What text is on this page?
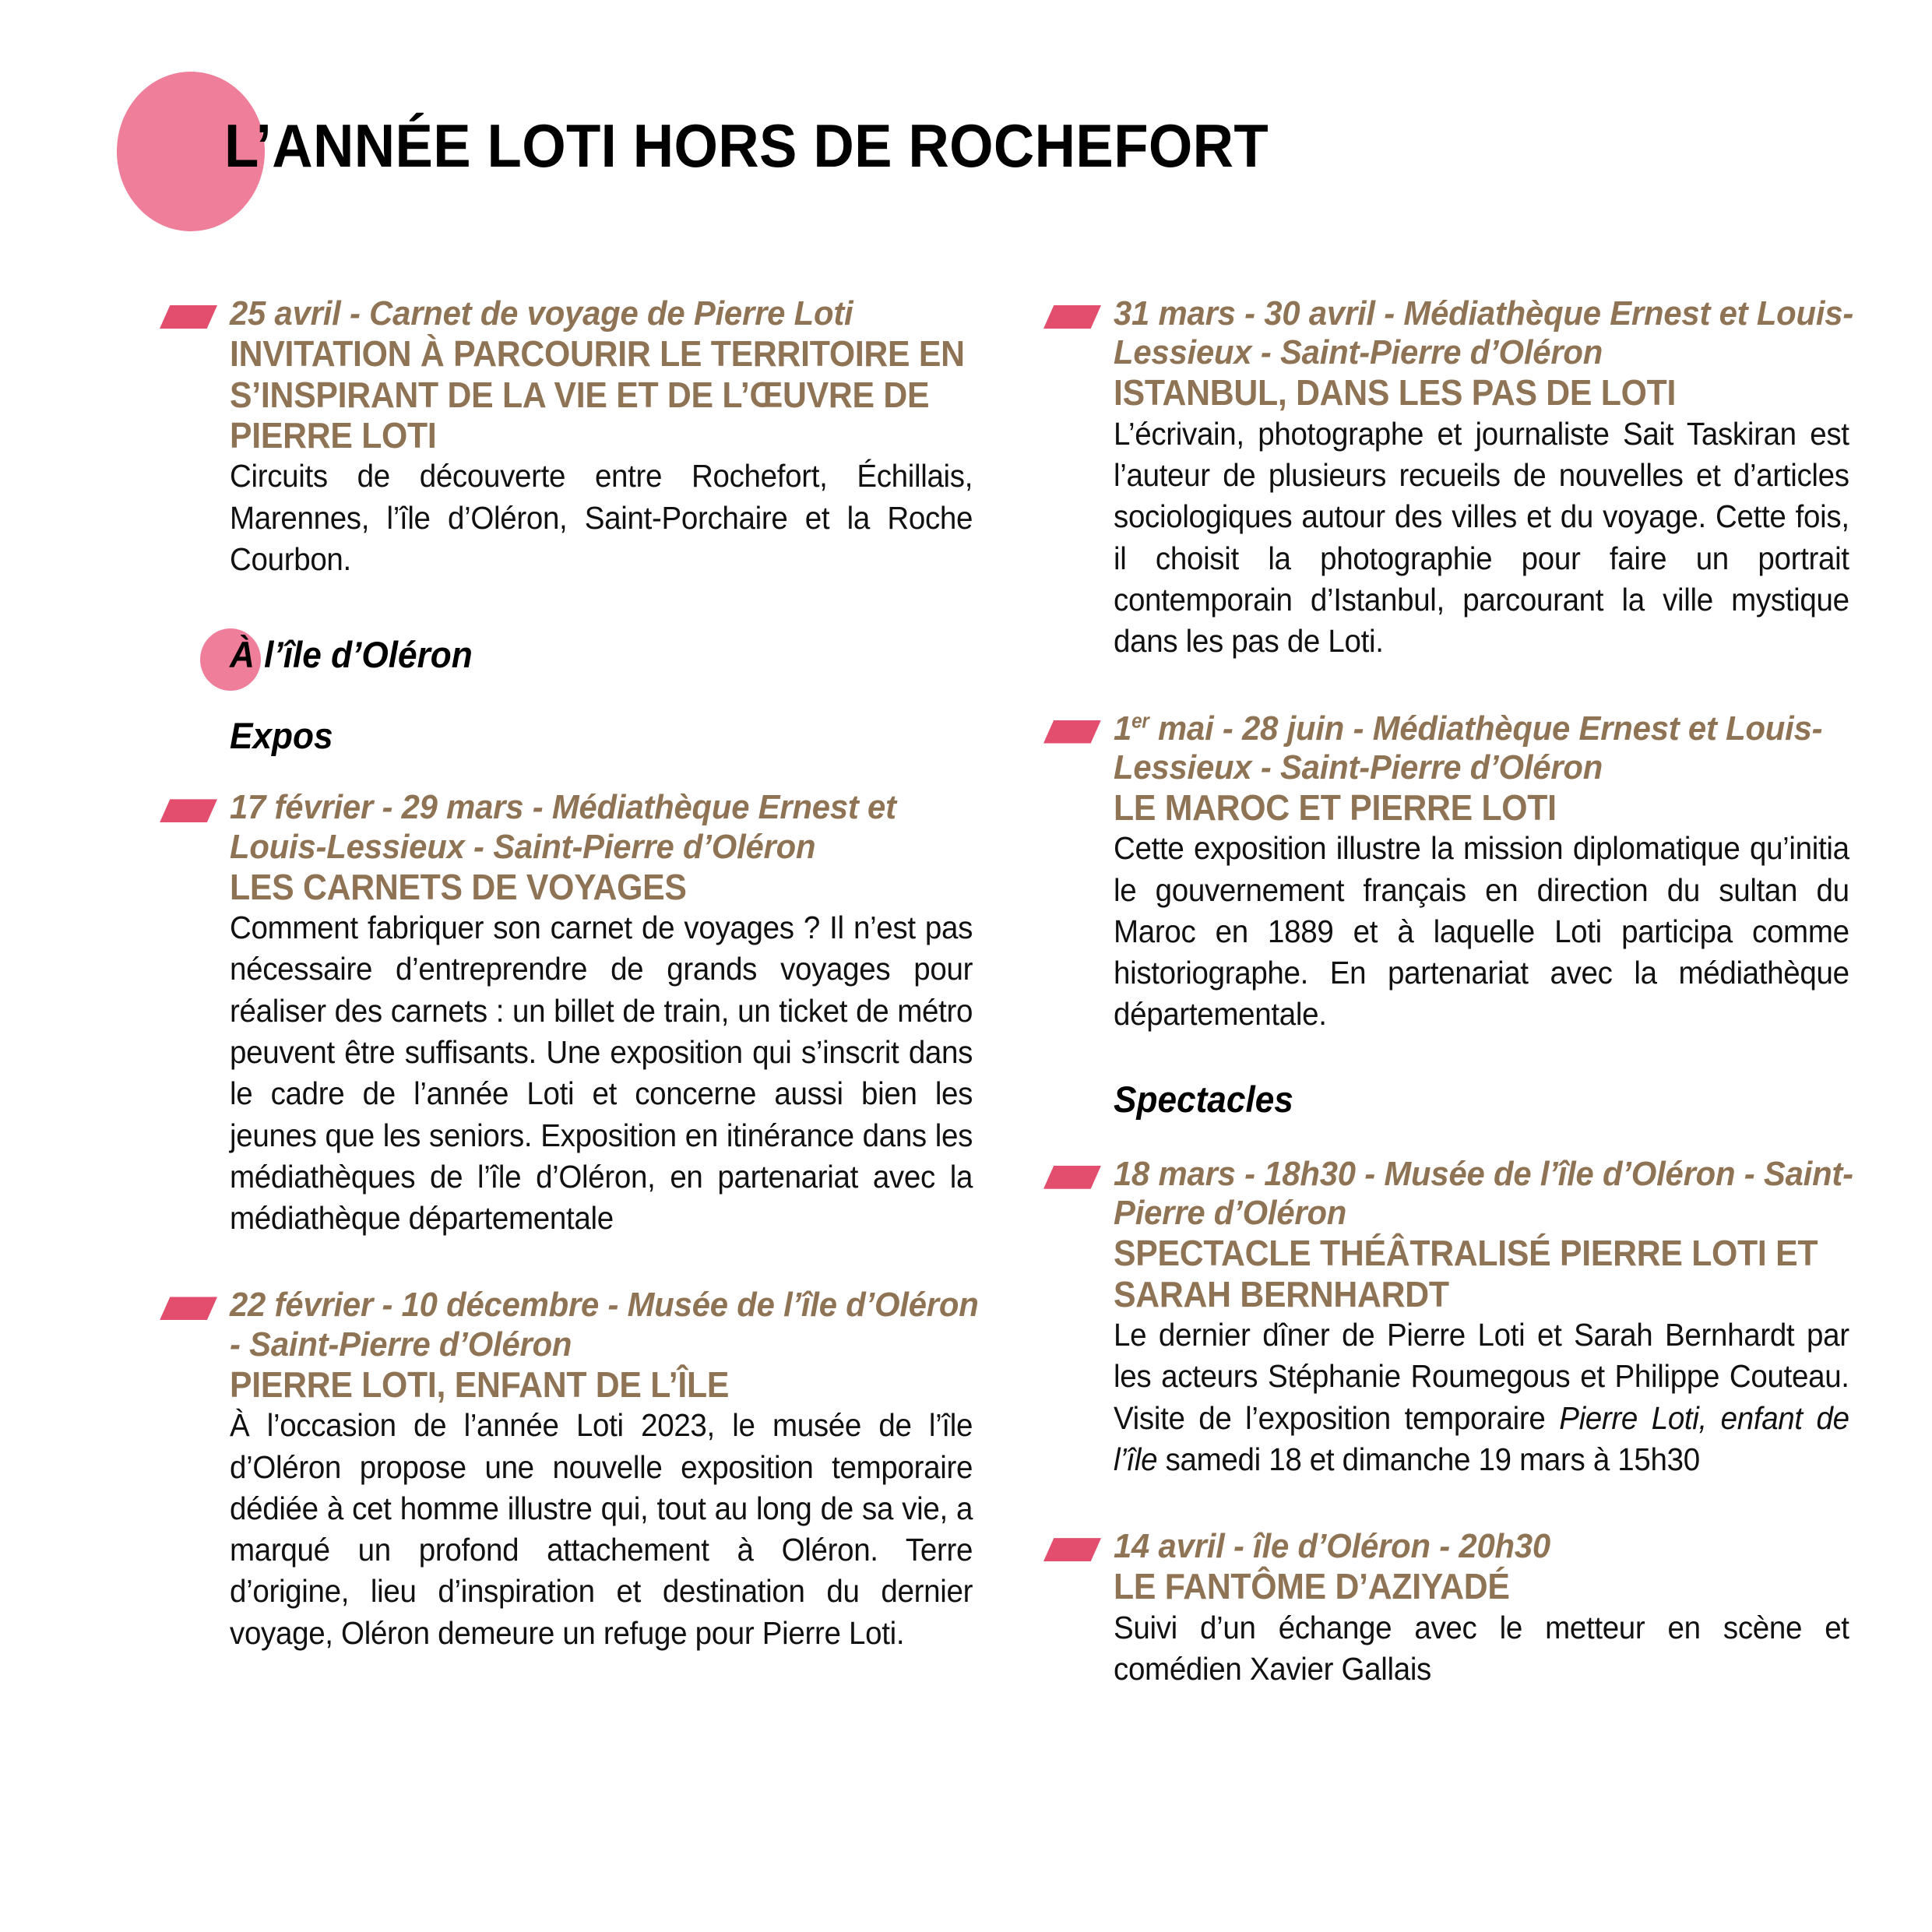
L’ANNÉE LOTI HORS DE ROCHEFORT
25 avril - Carnet de voyage de Pierre Loti
INVITATION À PARCOURIR LE TERRITOIRE EN S’INSPIRANT DE LA VIE ET DE L’ŒUVRE DE PIERRE LOTI
Circuits de découverte entre Rochefort, Échillais, Marennes, l’île d’Oléron, Saint-Porchaire et la Roche Courbon.
À l’île d’Oléron
Expos
17 février - 29 mars - Médiathèque Ernest et Louis-Lessieux - Saint-Pierre d’Oléron
LES CARNETS DE VOYAGES
Comment fabriquer son carnet de voyages ? Il n’est pas nécessaire d’entreprendre de grands voyages pour réaliser des carnets : un billet de train, un ticket de métro peuvent être suffisants. Une exposition qui s’inscrit dans le cadre de l’année Loti et concerne aussi bien les jeunes que les seniors. Exposition en itinérance dans les médiathèques de l’île d’Oléron, en partenariat avec la médiathèque départementale
22 février - 10 décembre - Musée de l’île d’Oléron - Saint-Pierre d’Oléron
PIERRE LOTI, ENFANT DE L’ÎLE
À l’occasion de l’année Loti 2023, le musée de l’île d’Oléron propose une nouvelle exposition temporaire dédiée à cet homme illustre qui, tout au long de sa vie, a marqué un profond attachement à Oléron. Terre d’origine, lieu d’inspiration et destination du dernier voyage, Oléron demeure un refuge pour Pierre Loti.
31 mars - 30 avril - Médiathèque Ernest et Louis-Lessieux - Saint-Pierre d’Oléron
ISTANBUL, DANS LES PAS DE LOTI
L’écrivain, photographe et journaliste Sait Taskiran est l’auteur de plusieurs recueils de nouvelles et d’articles sociologiques autour des villes et du voyage. Cette fois, il choisit la photographie pour faire un portrait contemporain d’Istanbul, parcourant la ville mystique dans les pas de Loti.
1er mai - 28 juin - Médiathèque Ernest et Louis-Lessieux - Saint-Pierre d’Oléron
LE MAROC ET PIERRE LOTI
Cette exposition illustre la mission diplomatique qu’initia le gouvernement français en direction du sultan du Maroc en 1889 et à laquelle Loti participa comme historiographe. En partenariat avec la médiathèque départementale.
Spectacles
18 mars - 18h30 - Musée de l’île d’Oléron - Saint-Pierre d’Oléron
SPECTACLE THÉÂTRALISÉ PIERRE LOTI ET SARAH BERNHARDT
Le dernier dîner de Pierre Loti et Sarah Bernhardt par les acteurs Stéphanie Roumegous et Philippe Couteau. Visite de l’exposition temporaire Pierre Loti, enfant de l’île samedi 18 et dimanche 19 mars à 15h30
14 avril - île d’Oléron - 20h30
LE FANTÔME D’AZIYADÉ
Suivi d’un échange avec le metteur en scène et comédien Xavier Gallais
